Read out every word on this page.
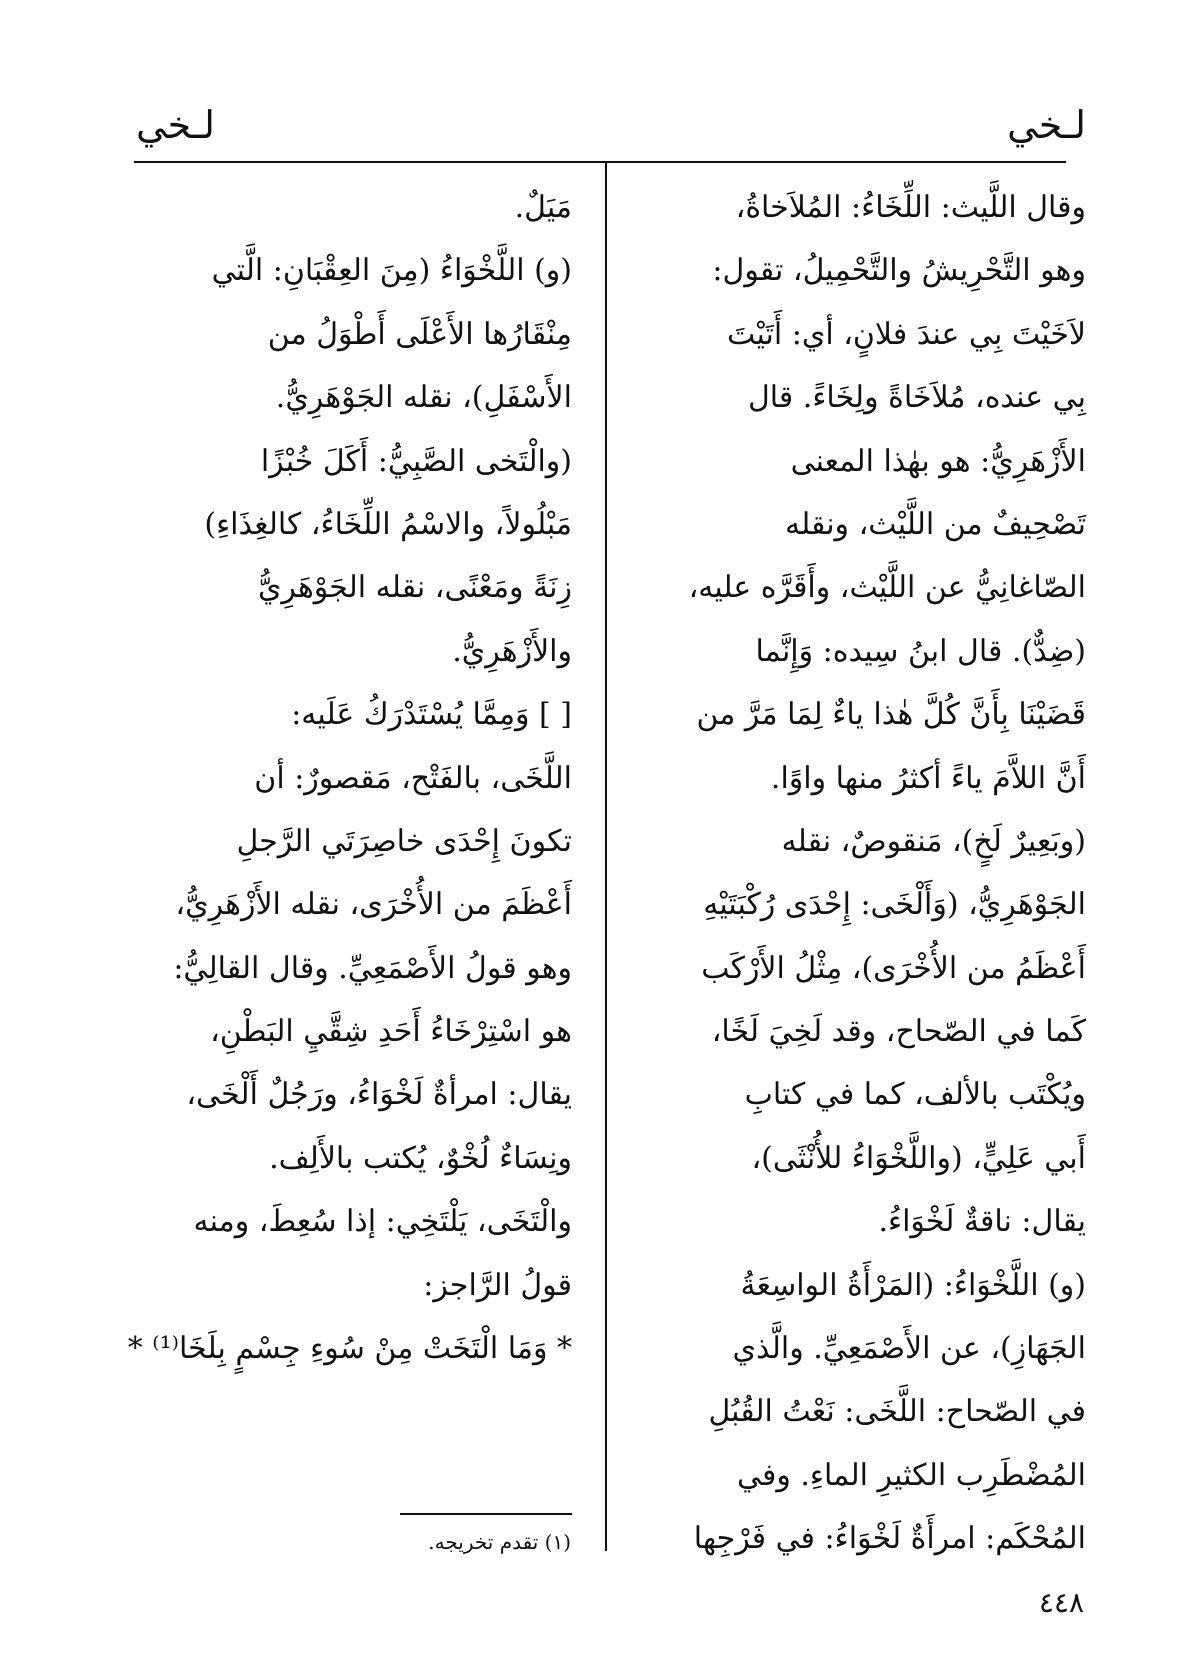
لـخي
لـخي
وقال اللَّيث: اللِّخَاءُ: المُلاَخاةُ،
وهو التَّحْرِيشُ والتَّحْمِيلُ، تقول:
لاَخَيْتَ بِي عندَ فلانٍ، أي: أَتَيْتَ
بِي عنده، مُلاَخَاةً ولِخَاءً. قال
الأَزْهَرِيُّ: هو بهٰذا المعنى
تَصْحِيفٌ من اللَّيْث، ونقله
الصّاغانِيُّ عن اللَّيْث، وأَقَرَّه عليه،
(ضِدٌّ). قال ابنُ سِيده: وَإِنَّما
قَضَيْنَا بِأَنَّ كُلَّ هٰذا ياءٌ لِمَا مَرَّ من
أَنَّ اللاَّمَ ياءً أكثرُ منها واوًا.
(وبَعِيرٌ لَخٍ)، مَنقوصٌ، نقله
الجَوْهَرِيُّ، (وَأَلْخَى: إِحْدَى رُكْبَتَيْهِ
أَعْظَمُ من الأُخْرَى)، مِثْلُ الأَرْكَب
كَما في الصّحاح، وقد لَخِيَ لَخًا،
ويُكْتَب بالألف، كما في كتابِ
أَبي عَلِيٍّ، (واللَّخْوَاءُ للأُنْثَى)،
يقال: ناقةٌ لَخْوَاءُ.
(و) اللَّخْوَاءُ: (المَرْأَةُ الواسِعَةُ
الجَهَازِ)، عن الأَصْمَعِيِّ. والَّذي
في الصّحاح: اللَّخَى: نَعْتُ القُبُلِ
المُضْطَرِب الكثيرِ الماءِ. وفي
المُحْكَم: امرأَةٌ لَخْوَاءُ: في فَرْجِها
مَيَلٌ.
(و) اللَّخْوَاءُ (مِنَ العِقْبَانِ: الَّتي
مِنْقَارُها الأَعْلَى أَطْوَلُ من
الأَسْفَلِ)، نقله الجَوْهَرِيُّ.
(والْتَخى الصَّبِيُّ: أَكَلَ خُبْزًا
مَبْلُولاً، والاسْمُ اللِّخَاءُ، كالغِذَاءِ)
زِنَةً ومَعْنًى، نقله الجَوْهَرِيُّ
والأَزْهَرِيُّ.
[ ] وَمِمَّا يُسْتَدْرَكُ عَلَيه:
اللَّخَى، بالفَتْح، مَقصورٌ: أن
تكونَ إِحْدَى خاصِرَتَي الرَّجلِ
أَعْظَمَ من الأُخْرَى، نقله الأَزْهَرِيُّ،
وهو قولُ الأَصْمَعِيِّ. وقال القالِيُّ:
هو اسْتِرْخَاءُ أَحَدِ شِقَّيِ البَطْنِ،
يقال: امرأةٌ لَخْوَاءُ، ورَجُلٌ أَلْخَى،
ونِسَاءٌ لُخْوٌ، يُكتب بالأَلِف.
والْتَخَى، يَلْتَخِي: إذا سُعِطَ، ومنه
قولُ الرَّاجز:
* وَمَا الْتَخَتْ مِنْ سُوءِ جِسْمٍ بِلَخَا⁽¹⁾ *
(١) تقدم تخريجه.
٤٤٨
